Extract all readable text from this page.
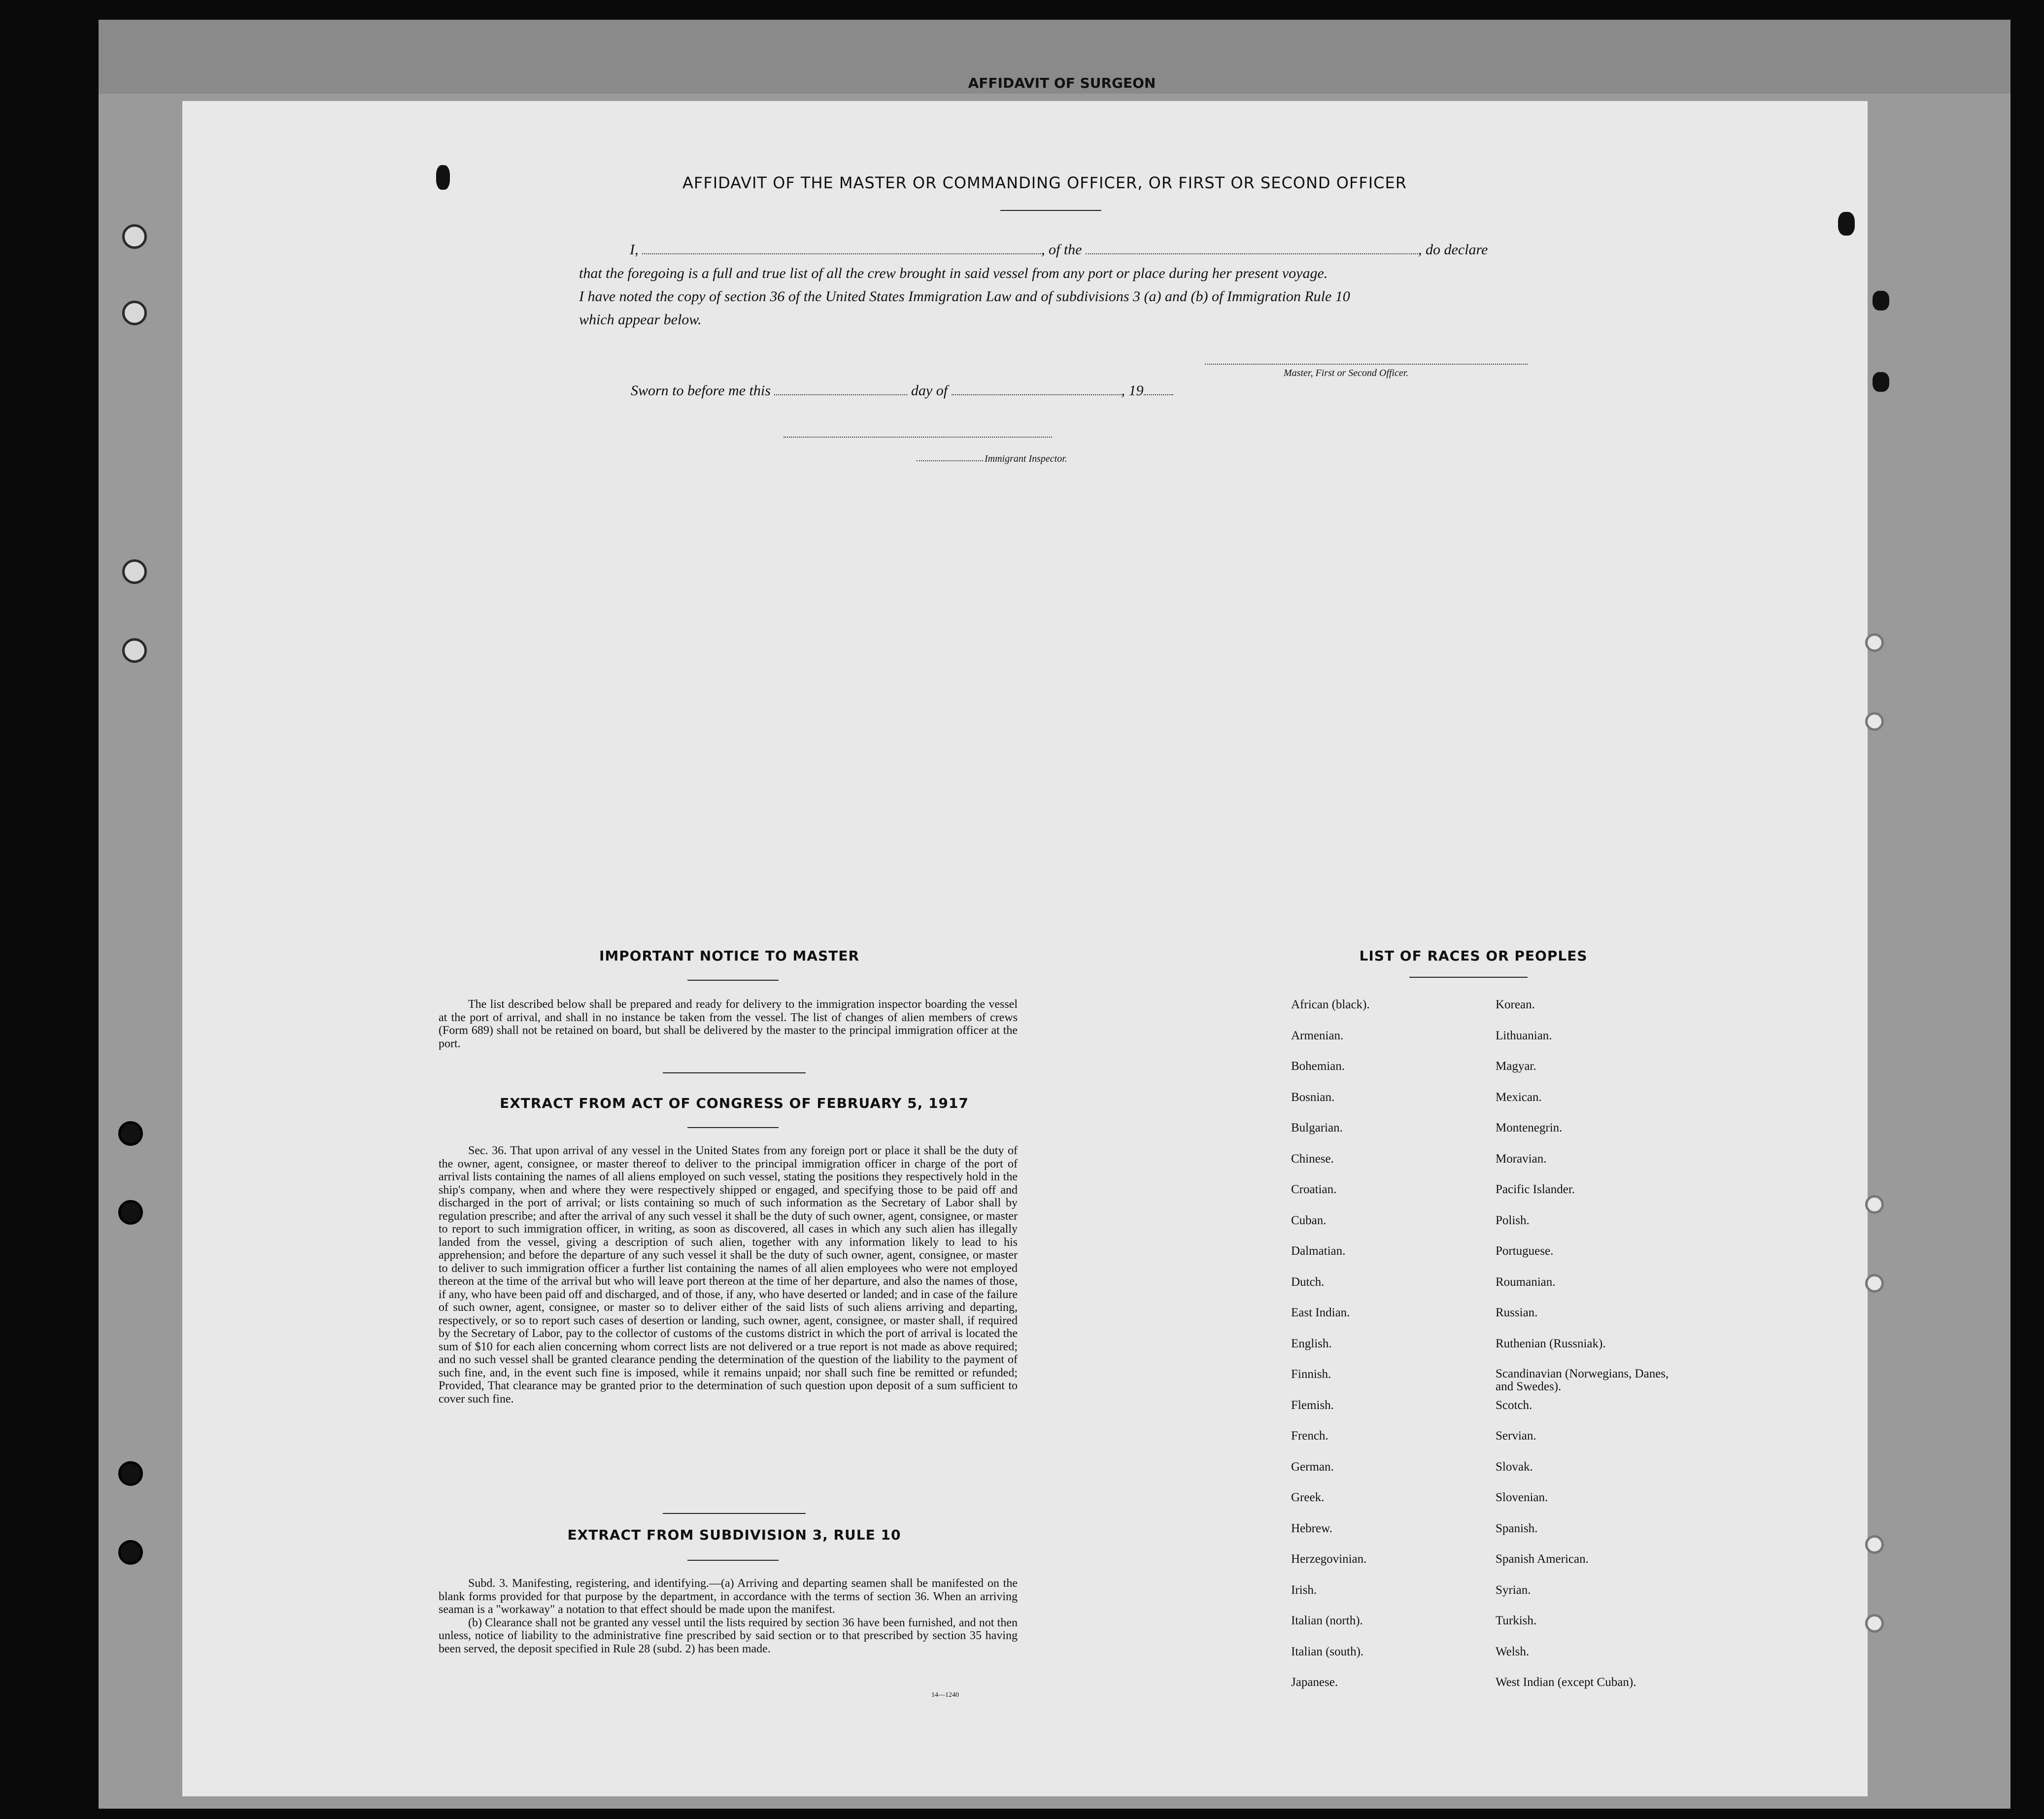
AFFIDAVIT OF SURGEON
AFFIDAVIT OF THE MASTER OR COMMANDING OFFICER, OR FIRST OR SECOND OFFICER
I,	, of the	, do declare
that the foregoing is a full and true list of all the crew brought in said vessel from any port or place during her present voyage.
I have noted the copy of section 36 of the United States Immigration Law and of subdivisions 3 (a) and (b) of Immigration Rule 10
which appear below.
Master, First or Second Officer.
Sworn to before me this	day of	, 19
Immigrant Inspector.
IMPORTANT NOTICE TO MASTER

The list described below shall be prepared and ready for delivery to the immigration inspector boarding the vessel at the port of arrival, and shall in no instance be taken from the vessel. The list of changes of alien members of crews (Form 689) shall not be retained on board, but shall be delivered by the master to the principal immigration officer at the port.

EXTRACT FROM ACT OF CONGRESS OF FEBRUARY 5, 1917

Sec. 36. That upon arrival of any vessel in the United States from any foreign port or place it shall be the duty of the owner, agent, consignee, or master thereof to deliver to the principal immigration officer in charge of the port of arrival lists containing the names of all aliens employed on such vessel, stating the positions they respectively hold in the ship's company, when and where they were respectively shipped or engaged, and specifying those to be paid off and discharged in the port of arrival; or lists containing so much of such information as the Secretary of Labor shall by regulation prescribe; and after the arrival of any such vessel it shall be the duty of such owner, agent, consignee, or master to report to such immigration officer, in writing, as soon as discovered, all cases in which any such alien has illegally landed from the vessel, giving a description of such alien, together with any information likely to lead to his apprehension; and before the departure of any such vessel it shall be the duty of such owner, agent, consignee, or master to deliver to such immigration officer a further list containing the names of all alien employees who were not employed thereon at the time of the arrival but who will leave port thereon at the time of her departure, and also the names of those, if any, who have been paid off and discharged, and of those, if any, who have deserted or landed; and in case of the failure of such owner, agent, consignee, or master so to deliver either of the said lists of such aliens arriving and departing, respectively, or so to report such cases of desertion or landing, such owner, agent, consignee, or master shall, if required by the Secretary of Labor, pay to the collector of customs of the customs district in which the port of arrival is located the sum of $10 for each alien concerning whom correct lists are not delivered or a true report is not made as above required; and no such vessel shall be granted clearance pending the determination of the question of the liability to the payment of such fine, and, in the event such fine is imposed, while it remains unpaid; nor shall such fine be remitted or refunded; Provided, That clearance may be granted prior to the determination of such question upon deposit of a sum sufficient to cover such fine.

EXTRACT FROM SUBDIVISION 3, RULE 10

Subd. 3. Manifesting, registering, and identifying.—(a) Arriving and departing seamen shall be manifested on the blank forms provided for that purpose by the department, in accordance with the terms of section 36. When an arriving seaman is a "workaway" a notation to that effect should be made upon the manifest.

(b) Clearance shall not be granted any vessel until the lists required by section 36 have been furnished, and not then unless, notice of liability to the administrative fine prescribed by said section or to that prescribed by section 35 having been served, the deposit specified in Rule 28 (subd. 2) has been made.

14—1240
LIST OF RACES OR PEOPLES
African (black).	Korean.
Armenian.	Lithuanian.
Bohemian.	Magyar.
Bosnian.	Mexican.
Bulgarian.	Montenegrin.
Chinese.	Moravian.
Croatian.	Pacific Islander.
Cuban.	Polish.
Dalmatian.	Portuguese.
Dutch.	Roumanian.
East Indian.	Russian.
English.	Ruthenian (Russniak).
Finnish.	Scandinavian (Norwegians, Danes, and Swedes).
Flemish.	Scotch.
French.	Servian.
German.	Slovak.
Greek.	Slovenian.
Hebrew.	Spanish.
Herzegovinian.	Spanish American.
Irish.	Syrian.
Italian (north).	Turkish.
Italian (south).	Welsh.
Japanese.	West Indian (except Cuban).
